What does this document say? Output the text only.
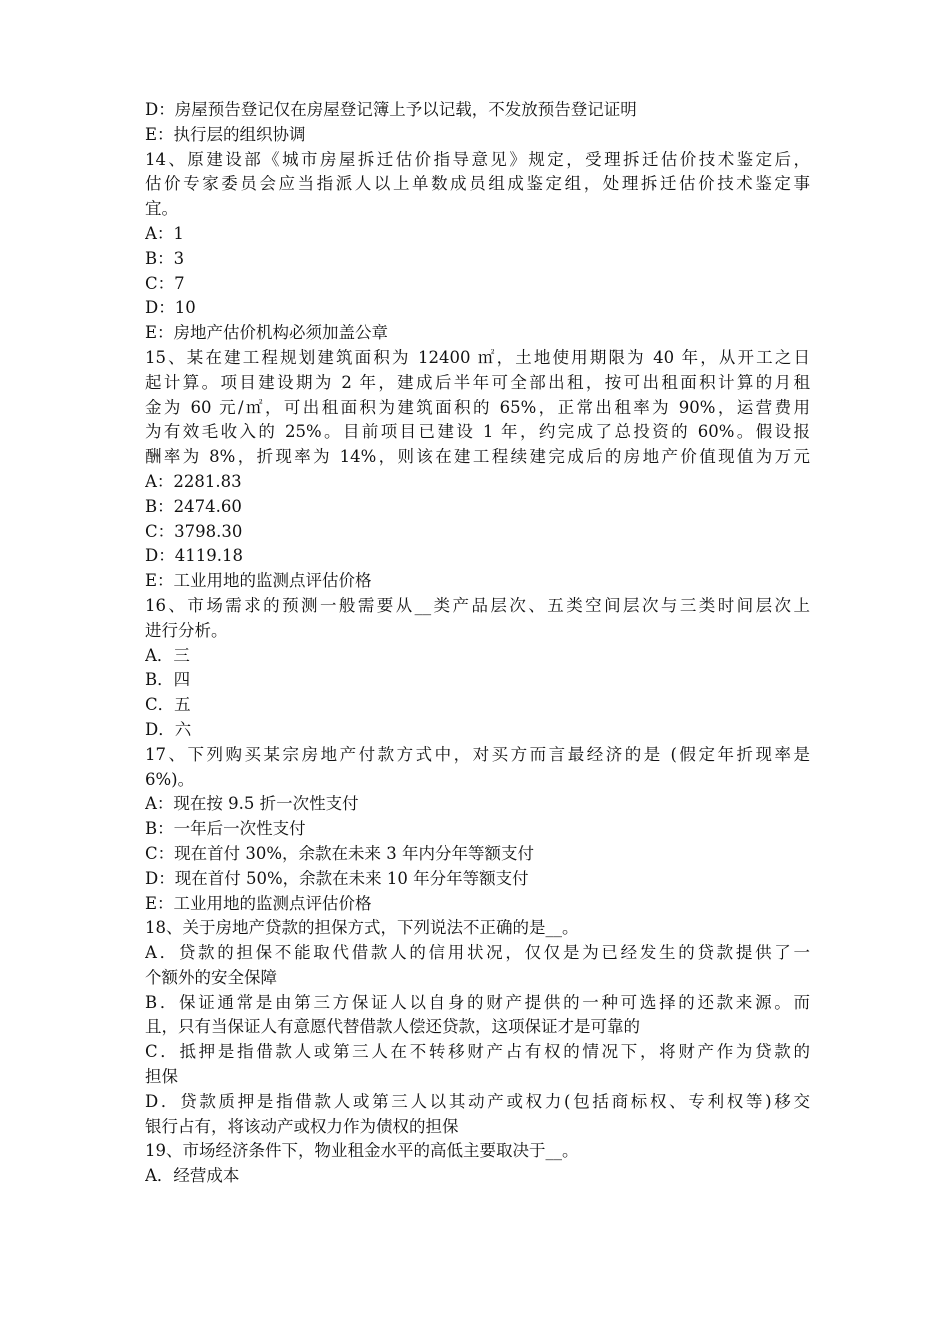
D：房屋预告登记仅在房屋登记簿上予以记载，不发放预告登记证明
E：执行层的组织协调
14、原建设部《城市房屋拆迁估价指导意见》规定，受理拆迁估价技术鉴定后，
估价专家委员会应当指派人以上单数成员组成鉴定组，处理拆迁估价技术鉴定事
宜。
A：1
B：3
C：7
D：10
E：房地产估价机构必须加盖公章
15、某在建工程规划建筑面积为 12400 ㎡，土地使用期限为 40 年，从开工之日
起计算。项目建设期为 2 年，建成后半年可全部出租，按可出租面积计算的月租
金为 60 元/㎡，可出租面积为建筑面积的 65%，正常出租率为 90%，运营费用
为有效毛收入的 25%。目前项目已建设 1 年，约完成了总投资的 60%。假设报
酬率为 8%，折现率为 14%，则该在建工程续建完成后的房地产价值现值为万元
A：2281.83
B：2474.60
C：3798.30
D：4119.18
E：工业用地的监测点评估价格
16、市场需求的预测一般需要从__类产品层次、五类空间层次与三类时间层次上
进行分析。
A．三
B．四
C．五
D．六
17、下列购买某宗房地产付款方式中，对买方而言最经济的是 (假定年折现率是
6%)。
A：现在按 9.5 折一次性支付
B：一年后一次性支付
C：现在首付 30%，余款在未来 3 年内分年等额支付
D：现在首付 50%，余款在未来 10 年分年等额支付
E：工业用地的监测点评估价格
18、关于房地产贷款的担保方式，下列说法不正确的是__。
A．贷款的担保不能取代借款人的信用状况，仅仅是为已经发生的贷款提供了一
个额外的安全保障
B．保证通常是由第三方保证人以自身的财产提供的一种可选择的还款来源。而
且，只有当保证人有意愿代替借款人偿还贷款，这项保证才是可靠的
C．抵押是指借款人或第三人在不转移财产占有权的情况下，将财产作为贷款的
担保
D．贷款质押是指借款人或第三人以其动产或权力(包括商标权、专利权等)移交
银行占有，将该动产或权力作为债权的担保
19、市场经济条件下，物业租金水平的高低主要取决于__。
A．经营成本
